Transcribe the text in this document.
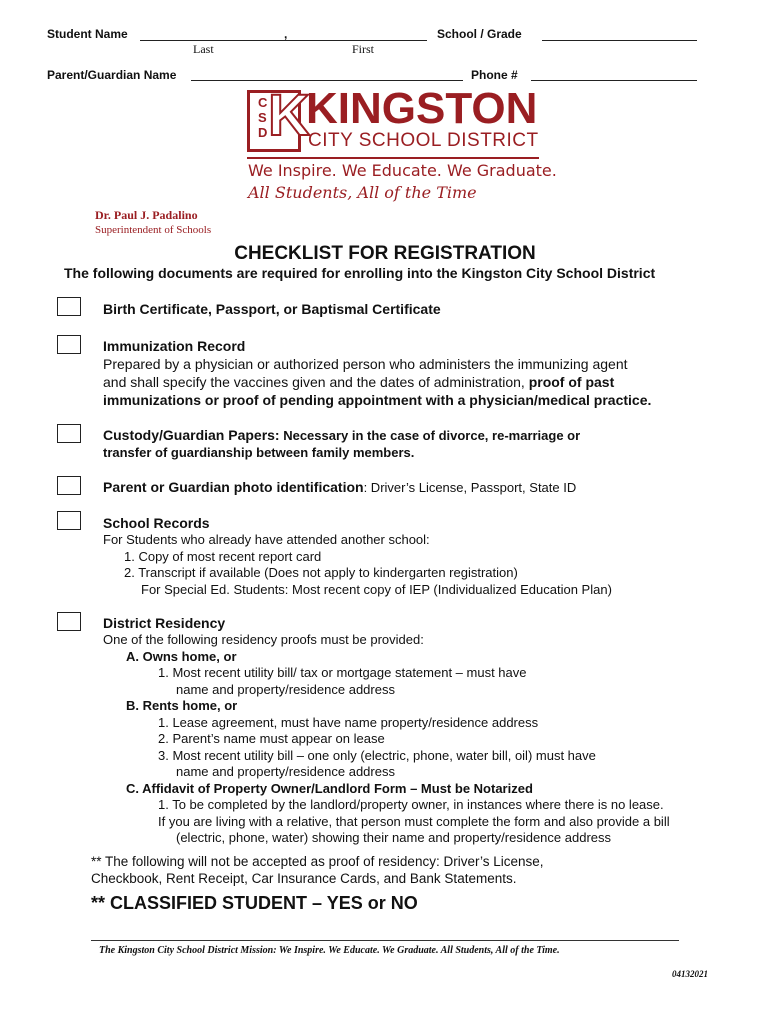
Student Name	,
Last	First
School / Grade
Parent/Guardian Name	Phone #
C
S
D K
KINGSTON
CITY SCHOOL DISTRICT
We Inspire. We Educate. We Graduate.
All Students, All of the Time
Dr. Paul J. Padalino
Superintendent of Schools
CHECKLIST FOR REGISTRATION
The following documents are required for enrolling into the Kingston City School District
Birth Certificate, Passport, or Baptismal Certificate
Immunization Record
Prepared by a physician or authorized person who administers the immunizing agent
and shall specify the vaccines given and the dates of administration, proof of past
immunizations or proof of pending appointment with a physician/medical practice.
Custody/Guardian Papers: Necessary in the case of divorce, re-marriage or
transfer of guardianship between family members.
Parent or Guardian photo identification: Driver’s License, Passport, State ID
School Records
For Students who already have attended another school:
1. Copy of most recent report card
2. Transcript if available (Does not apply to kindergarten registration)
For Special Ed. Students: Most recent copy of IEP (Individualized Education Plan)
District Residency
One of the following residency proofs must be provided:
A. Owns home, or
1. Most recent utility bill/ tax or mortgage statement – must have
name and property/residence address
B. Rents home, or
1. Lease agreement, must have name property/residence address
2. Parent’s name must appear on lease
3. Most recent utility bill – one only (electric, phone, water bill, oil) must have
name and property/residence address
C. Affidavit of Property Owner/Landlord Form – Must be Notarized
1. To be completed by the landlord/property owner, in instances where there is no lease.
If you are living with a relative, that person must complete the form and also provide a bill
(electric, phone, water) showing their name and property/residence address
** The following will not be accepted as proof of residency: Driver’s License,
Checkbook, Rent Receipt, Car Insurance Cards, and Bank Statements.
** CLASSIFIED STUDENT – YES or NO
The Kingston City School District Mission: We Inspire. We Educate. We Graduate. All Students, All of the Time.
04132021
